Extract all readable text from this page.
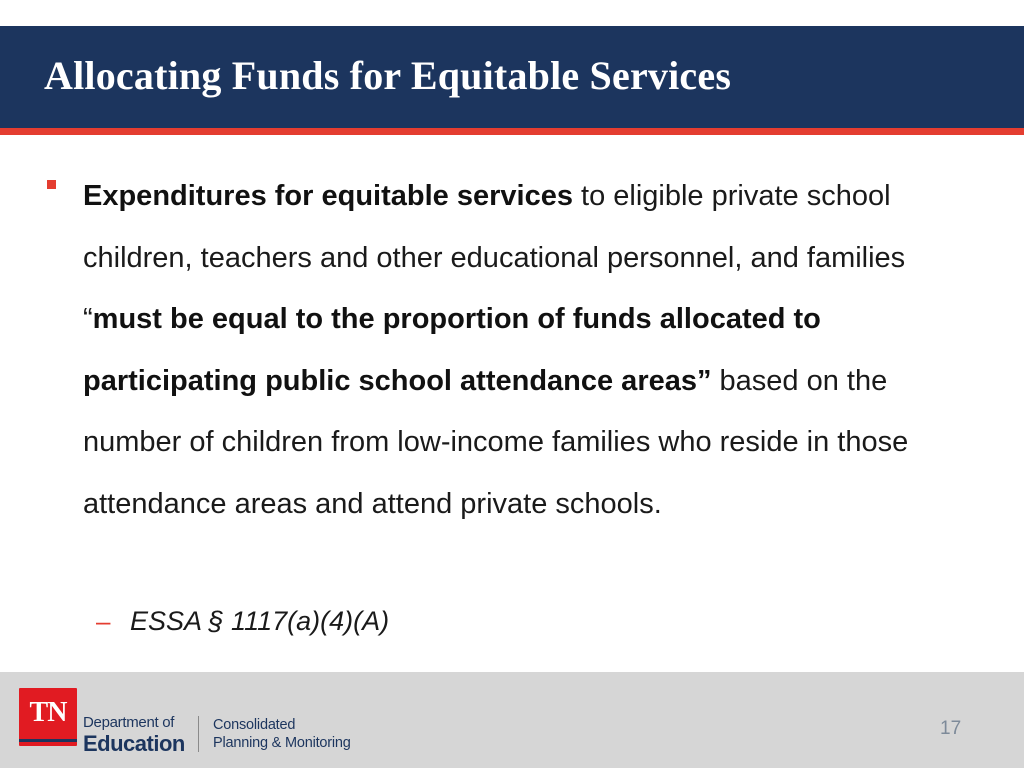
Allocating Funds for Equitable Services
Expenditures for equitable services to eligible private school children, teachers and other educational personnel, and families “must be equal to the proportion of funds allocated to participating public school attendance areas” based on the number of children from low-income families who reside in those attendance areas and attend private schools.
– ESSA § 1117(a)(4)(A)
TN	Department of
Education
Consolidated
Planning & Monitoring
17
